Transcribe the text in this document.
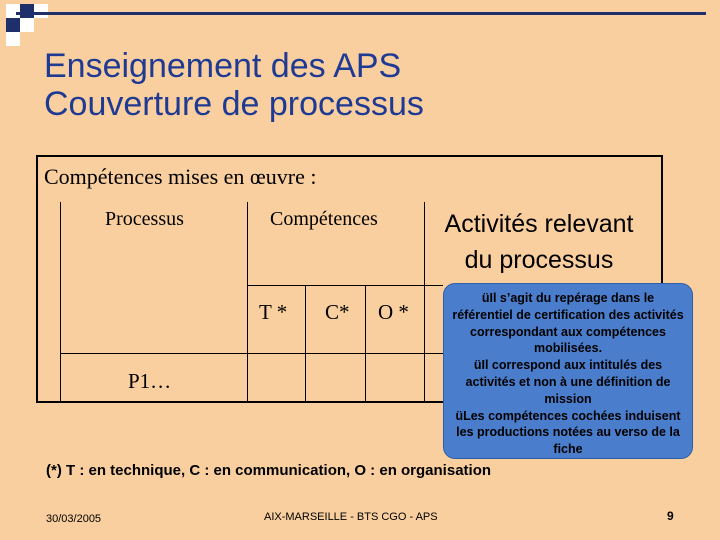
Enseignement des APS
Couverture de processus
Compétences mises en œuvre :
Processus	Compétences	Activités relevant
du processus
T * C* O *
P1…

üIl s’agit du repérage dans le référentiel de certification des activités correspondant aux compétences mobilisées.

üIl correspond aux intitulés des activités et non à une définition de mission

üLes compétences cochées induisent les productions notées au verso de la fiche

(*) T : en technique, C : en communication, O : en organisation
30/03/2005	AIX-MARSEILLE - BTS CGO - APS	9
